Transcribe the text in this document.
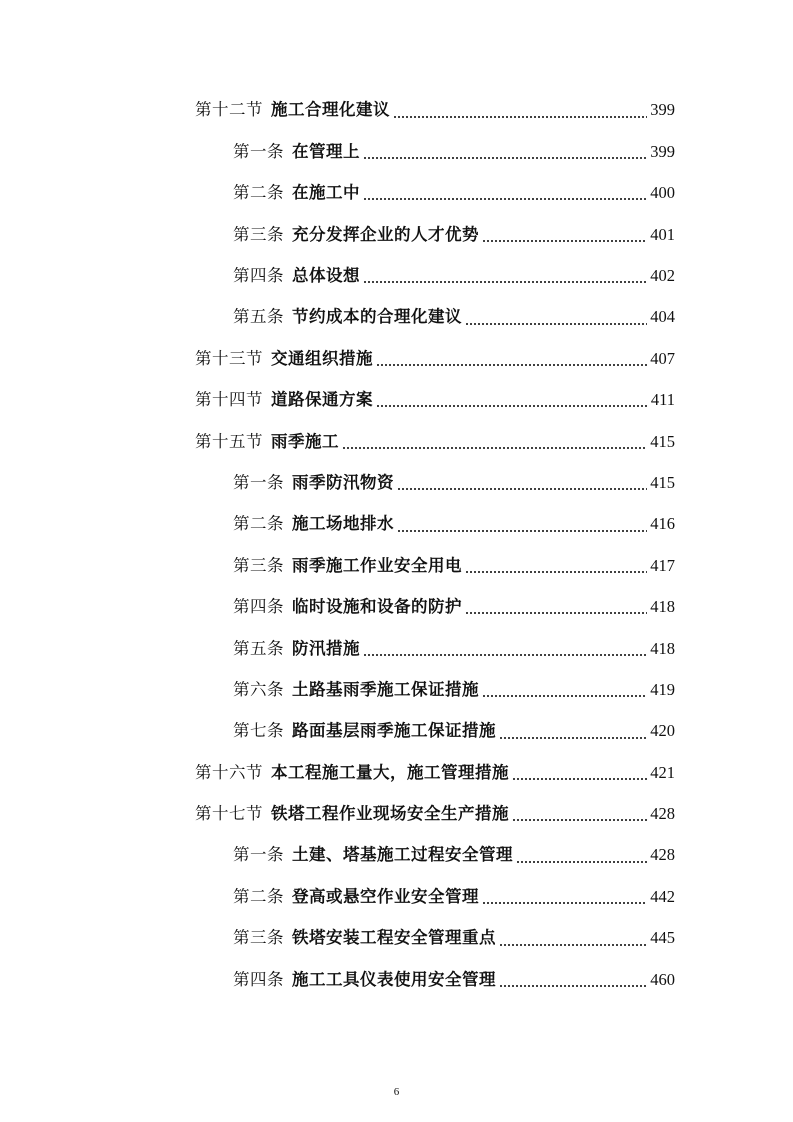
第十二节 施工合理化建议	399
第一条 在管理上	399
第二条 在施工中	400
第三条 充分发挥企业的人才优势	401
第四条 总体设想	402
第五条 节约成本的合理化建议	404
第十三节 交通组织措施	407
第十四节 道路保通方案	411
第十五节 雨季施工	415
第一条 雨季防汛物资	415
第二条 施工场地排水	416
第三条 雨季施工作业安全用电	417
第四条 临时设施和设备的防护	418
第五条 防汛措施	418
第六条 土路基雨季施工保证措施	419
第七条 路面基层雨季施工保证措施	420
第十六节 本工程施工量大，施工管理措施	421
第十七节 铁塔工程作业现场安全生产措施	428
第一条 土建、塔基施工过程安全管理	428
第二条 登高或悬空作业安全管理	442
第三条 铁塔安装工程安全管理重点	445
第四条 施工工具仪表使用安全管理	460
6
